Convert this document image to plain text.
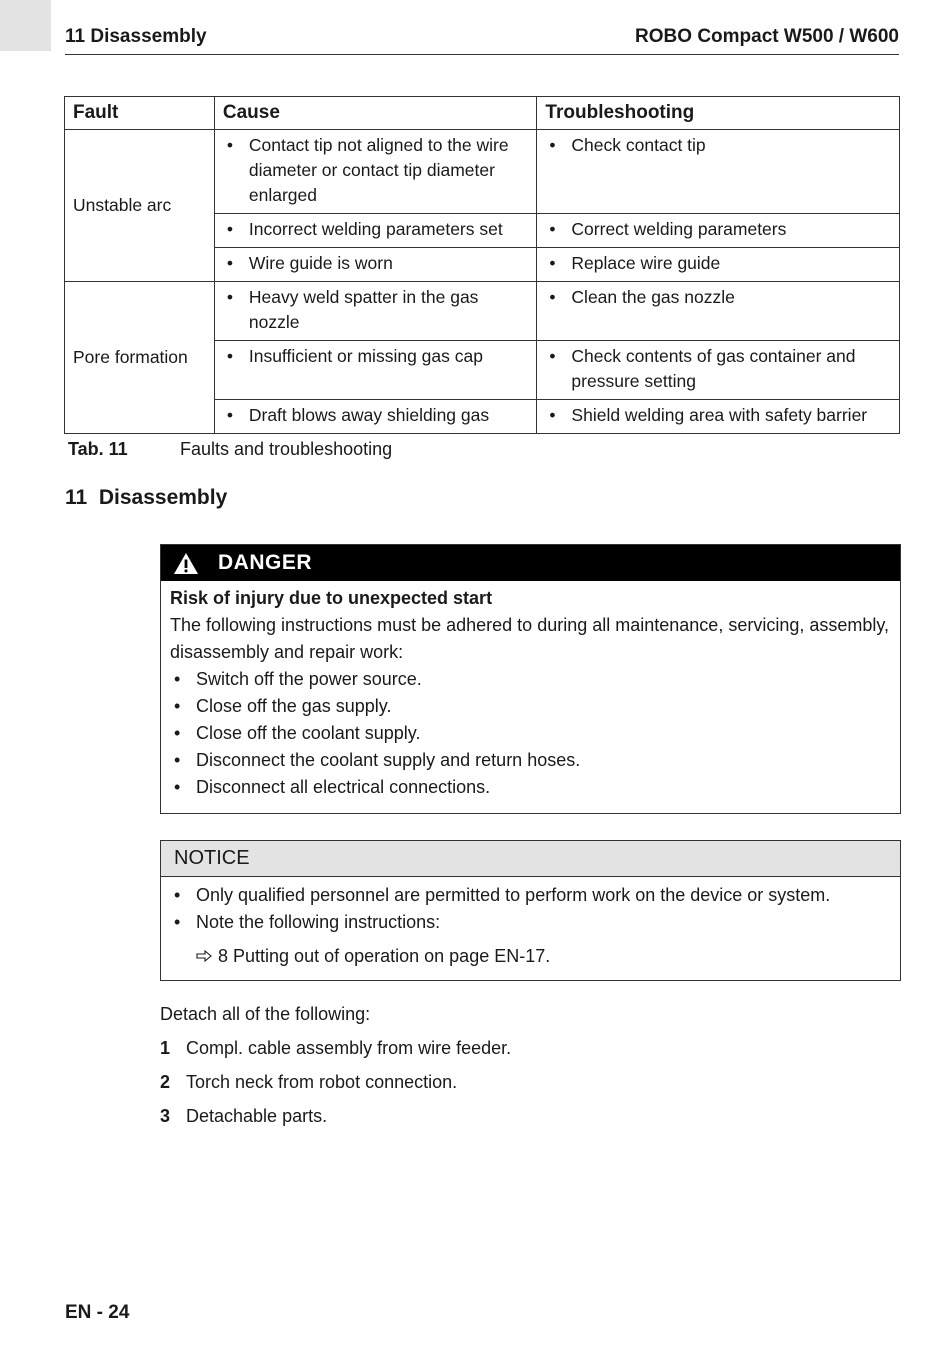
11 Disassembly	ROBO Compact W500 / W600
Fault	Cause	Troubleshooting
Unstable arc	• Contact tip not aligned to the wire diameter or contact tip diameter enlarged	• Check contact tip

	• Incorrect welding parameters set	• Correct welding parameters

	• Wire guide is worn	• Replace wire guide

Pore formation	• Heavy weld spatter in the gas nozzle	• Clean the gas nozzle

	• Insufficient or missing gas cap	• Check contents of gas container and pressure setting

	• Draft blows away shielding gas	• Shield welding area with safety barrier
Tab. 11	Faults and troubleshooting
11  Disassembly
DANGER
Risk of injury due to unexpected start
The following instructions must be adhered to during all maintenance, servicing, assembly, disassembly and repair work:
• Switch off the power source.
• Close off the gas supply.
• Close off the coolant supply.
• Disconnect the coolant supply and return hoses.
• Disconnect all electrical connections.
NOTICE
• Only qualified personnel are permitted to perform work on the device or system.
• Note the following instructions:
8 Putting out of operation on page EN-17.
Detach all of the following:
1 Compl. cable assembly from wire feeder.
2 Torch neck from robot connection.
3 Detachable parts.
EN - 24
